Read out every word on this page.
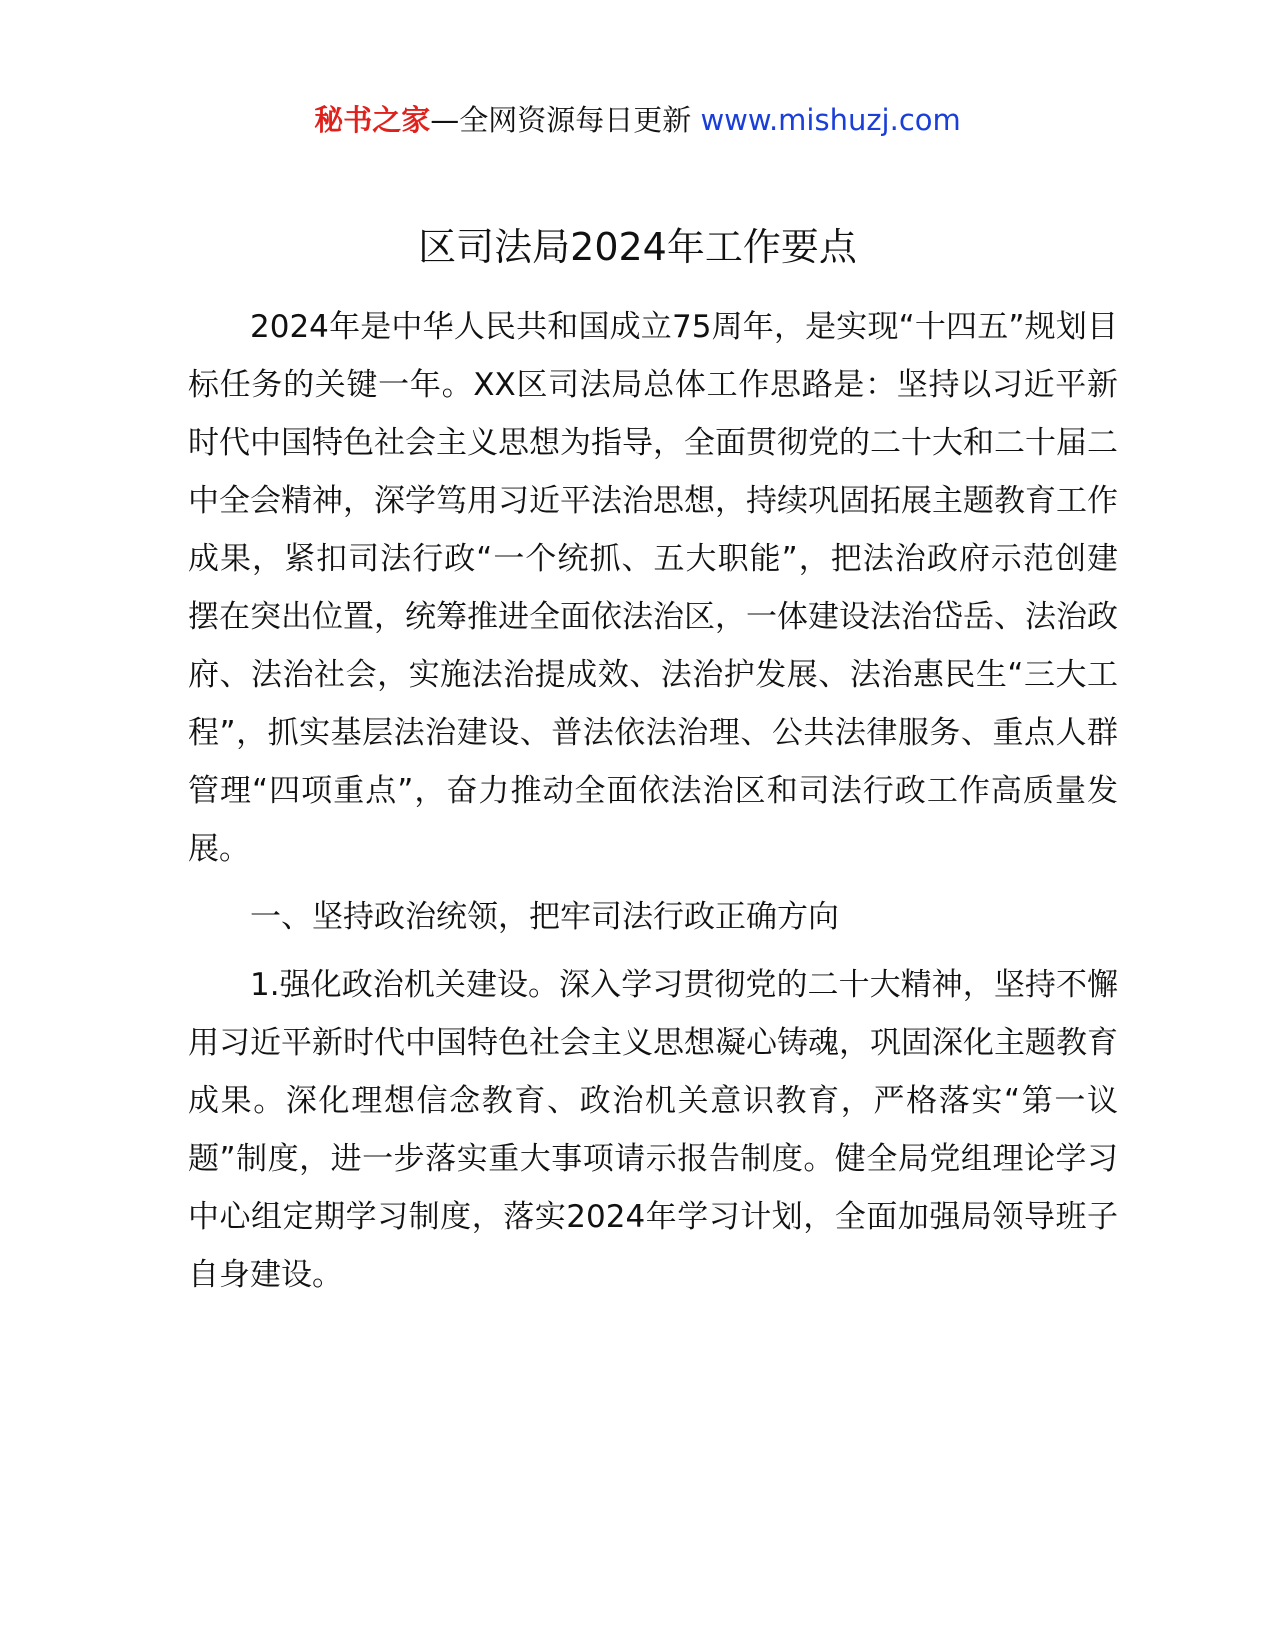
秘书之家—全网资源每日更新 www.mishuzj.com
区司法局2024年工作要点

2024年是中华人民共和国成立75周年，是实现“十四五”规划目标任务的关键一年。XX区司法局总体工作思路是：坚持以习近平新时代中国特色社会主义思想为指导，全面贯彻党的二十大和二十届二中全会精神，深学笃用习近平法治思想，持续巩固拓展主题教育工作成果，紧扣司法行政“一个统抓、五大职能”，把法治政府示范创建摆在突出位置，统筹推进全面依法治区，一体建设法治岱岳、法治政府、法治社会，实施法治提成效、法治护发展、法治惠民生“三大工程”，抓实基层法治建设、普法依法治理、公共法律服务、重点人群管理“四项重点”，奋力推动全面依法治区和司法行政工作高质量发展。

一、坚持政治统领，把牢司法行政正确方向

1.强化政治机关建设。深入学习贯彻党的二十大精神，坚持不懈用习近平新时代中国特色社会主义思想凝心铸魂，巩固深化主题教育成果。深化理想信念教育、政治机关意识教育，严格落实“第一议题”制度，进一步落实重大事项请示报告制度。健全局党组理论学习中心组定期学习制度，落实2024年学习计划，全面加强局领导班子自身建设。
